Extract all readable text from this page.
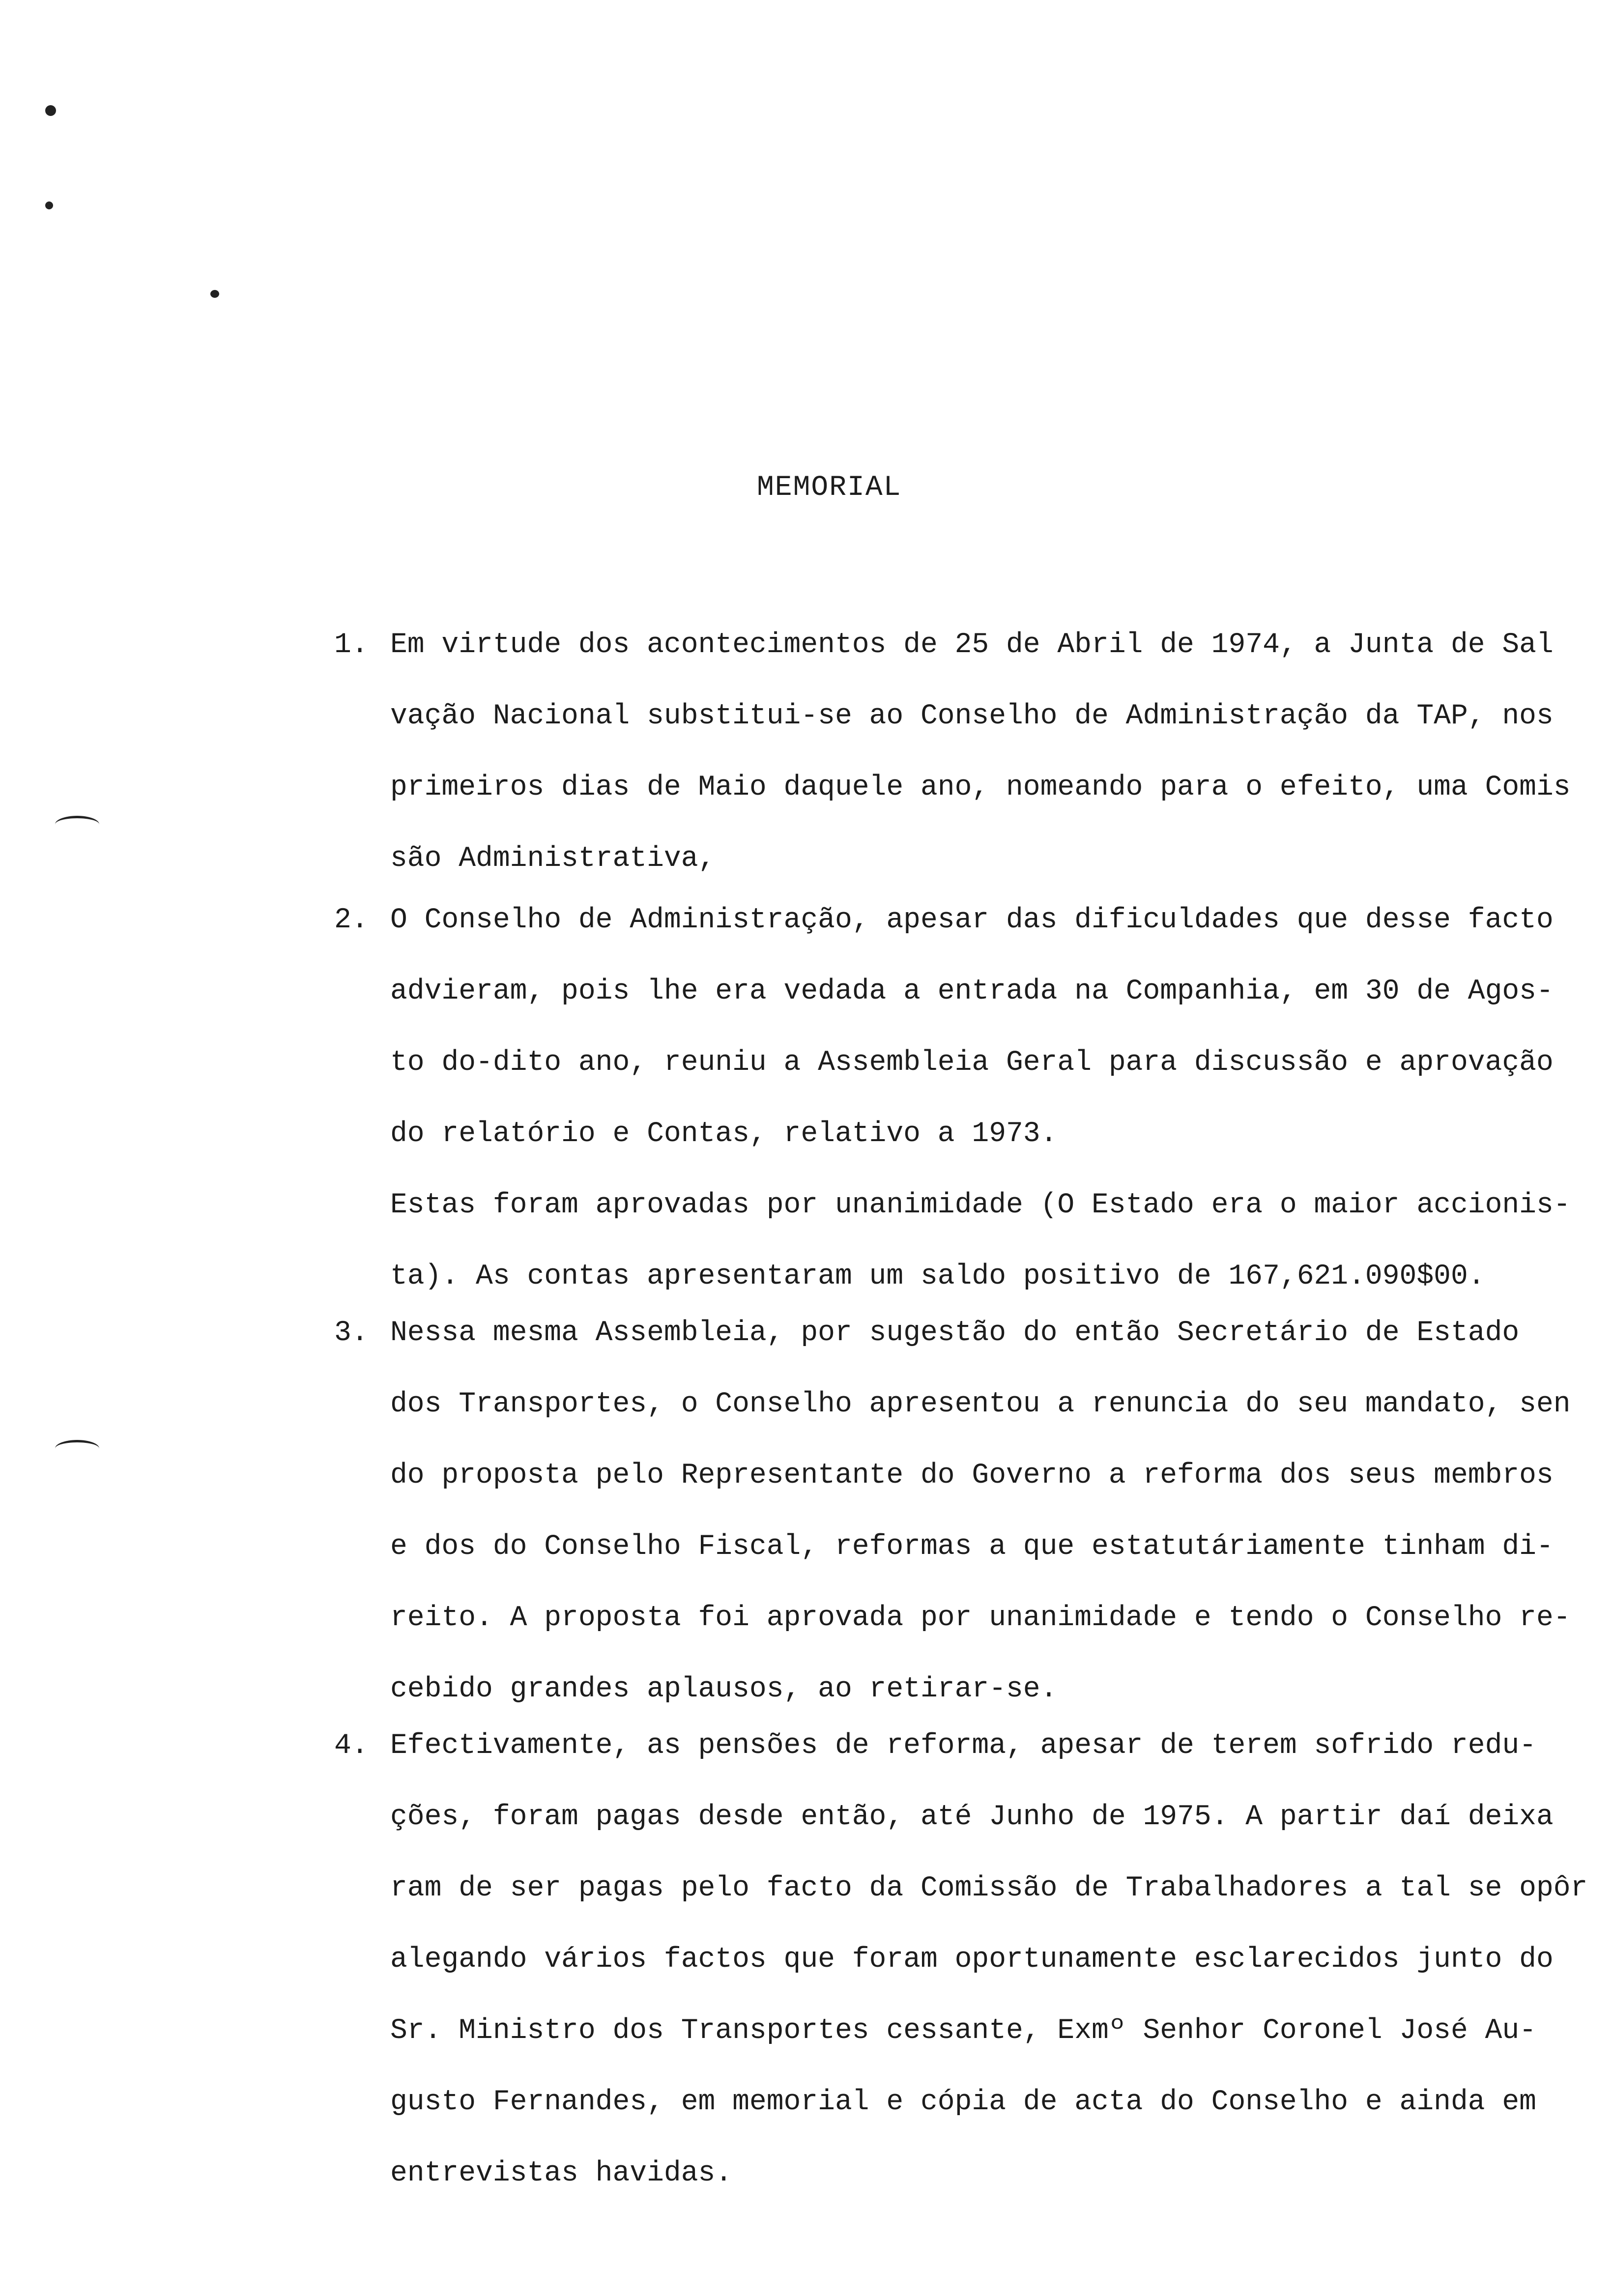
MEMORIAL
1. Em virtude dos acontecimentos de 25 de Abril de 1974, a Junta de Sal
vação Nacional substitui-se ao Conselho de Administração da TAP, nos
primeiros dias de Maio daquele ano, nomeando para o efeito, uma Comis
são Administrativa,
2. O Conselho de Administração, apesar das dificuldades que desse facto
advieram, pois lhe era vedada a entrada na Companhia, em 30 de Agos-
to do-dito ano, reuniu a Assembleia Geral para discussão e aprovação
do relatório e Contas, relativo a 1973.
Estas foram aprovadas por unanimidade (O Estado era o maior accionis-
ta). As contas apresentaram um saldo positivo de 167,621.090$00.
3. Nessa mesma Assembleia, por sugestão do então Secretário de Estado
dos Transportes, o Conselho apresentou a renuncia do seu mandato, sen
do proposta pelo Representante do Governo a reforma dos seus membros
e dos do Conselho Fiscal, reformas a que estatutáriamente tinham di-
reito. A proposta foi aprovada por unanimidade e tendo o Conselho re-
cebido grandes aplausos, ao retirar-se.
4. Efectivamente, as pensões de reforma, apesar de terem sofrido redu-
ções, foram pagas desde então, até Junho de 1975. A partir daí deixa
ram de ser pagas pelo facto da Comissão de Trabalhadores a tal se opôr
alegando vários factos que foram oportunamente esclarecidos junto do
Sr. Ministro dos Transportes cessante, Exmº Senhor Coronel José Au-
gusto Fernandes, em memorial e cópia de acta do Conselho e ainda em
entrevistas havidas.
